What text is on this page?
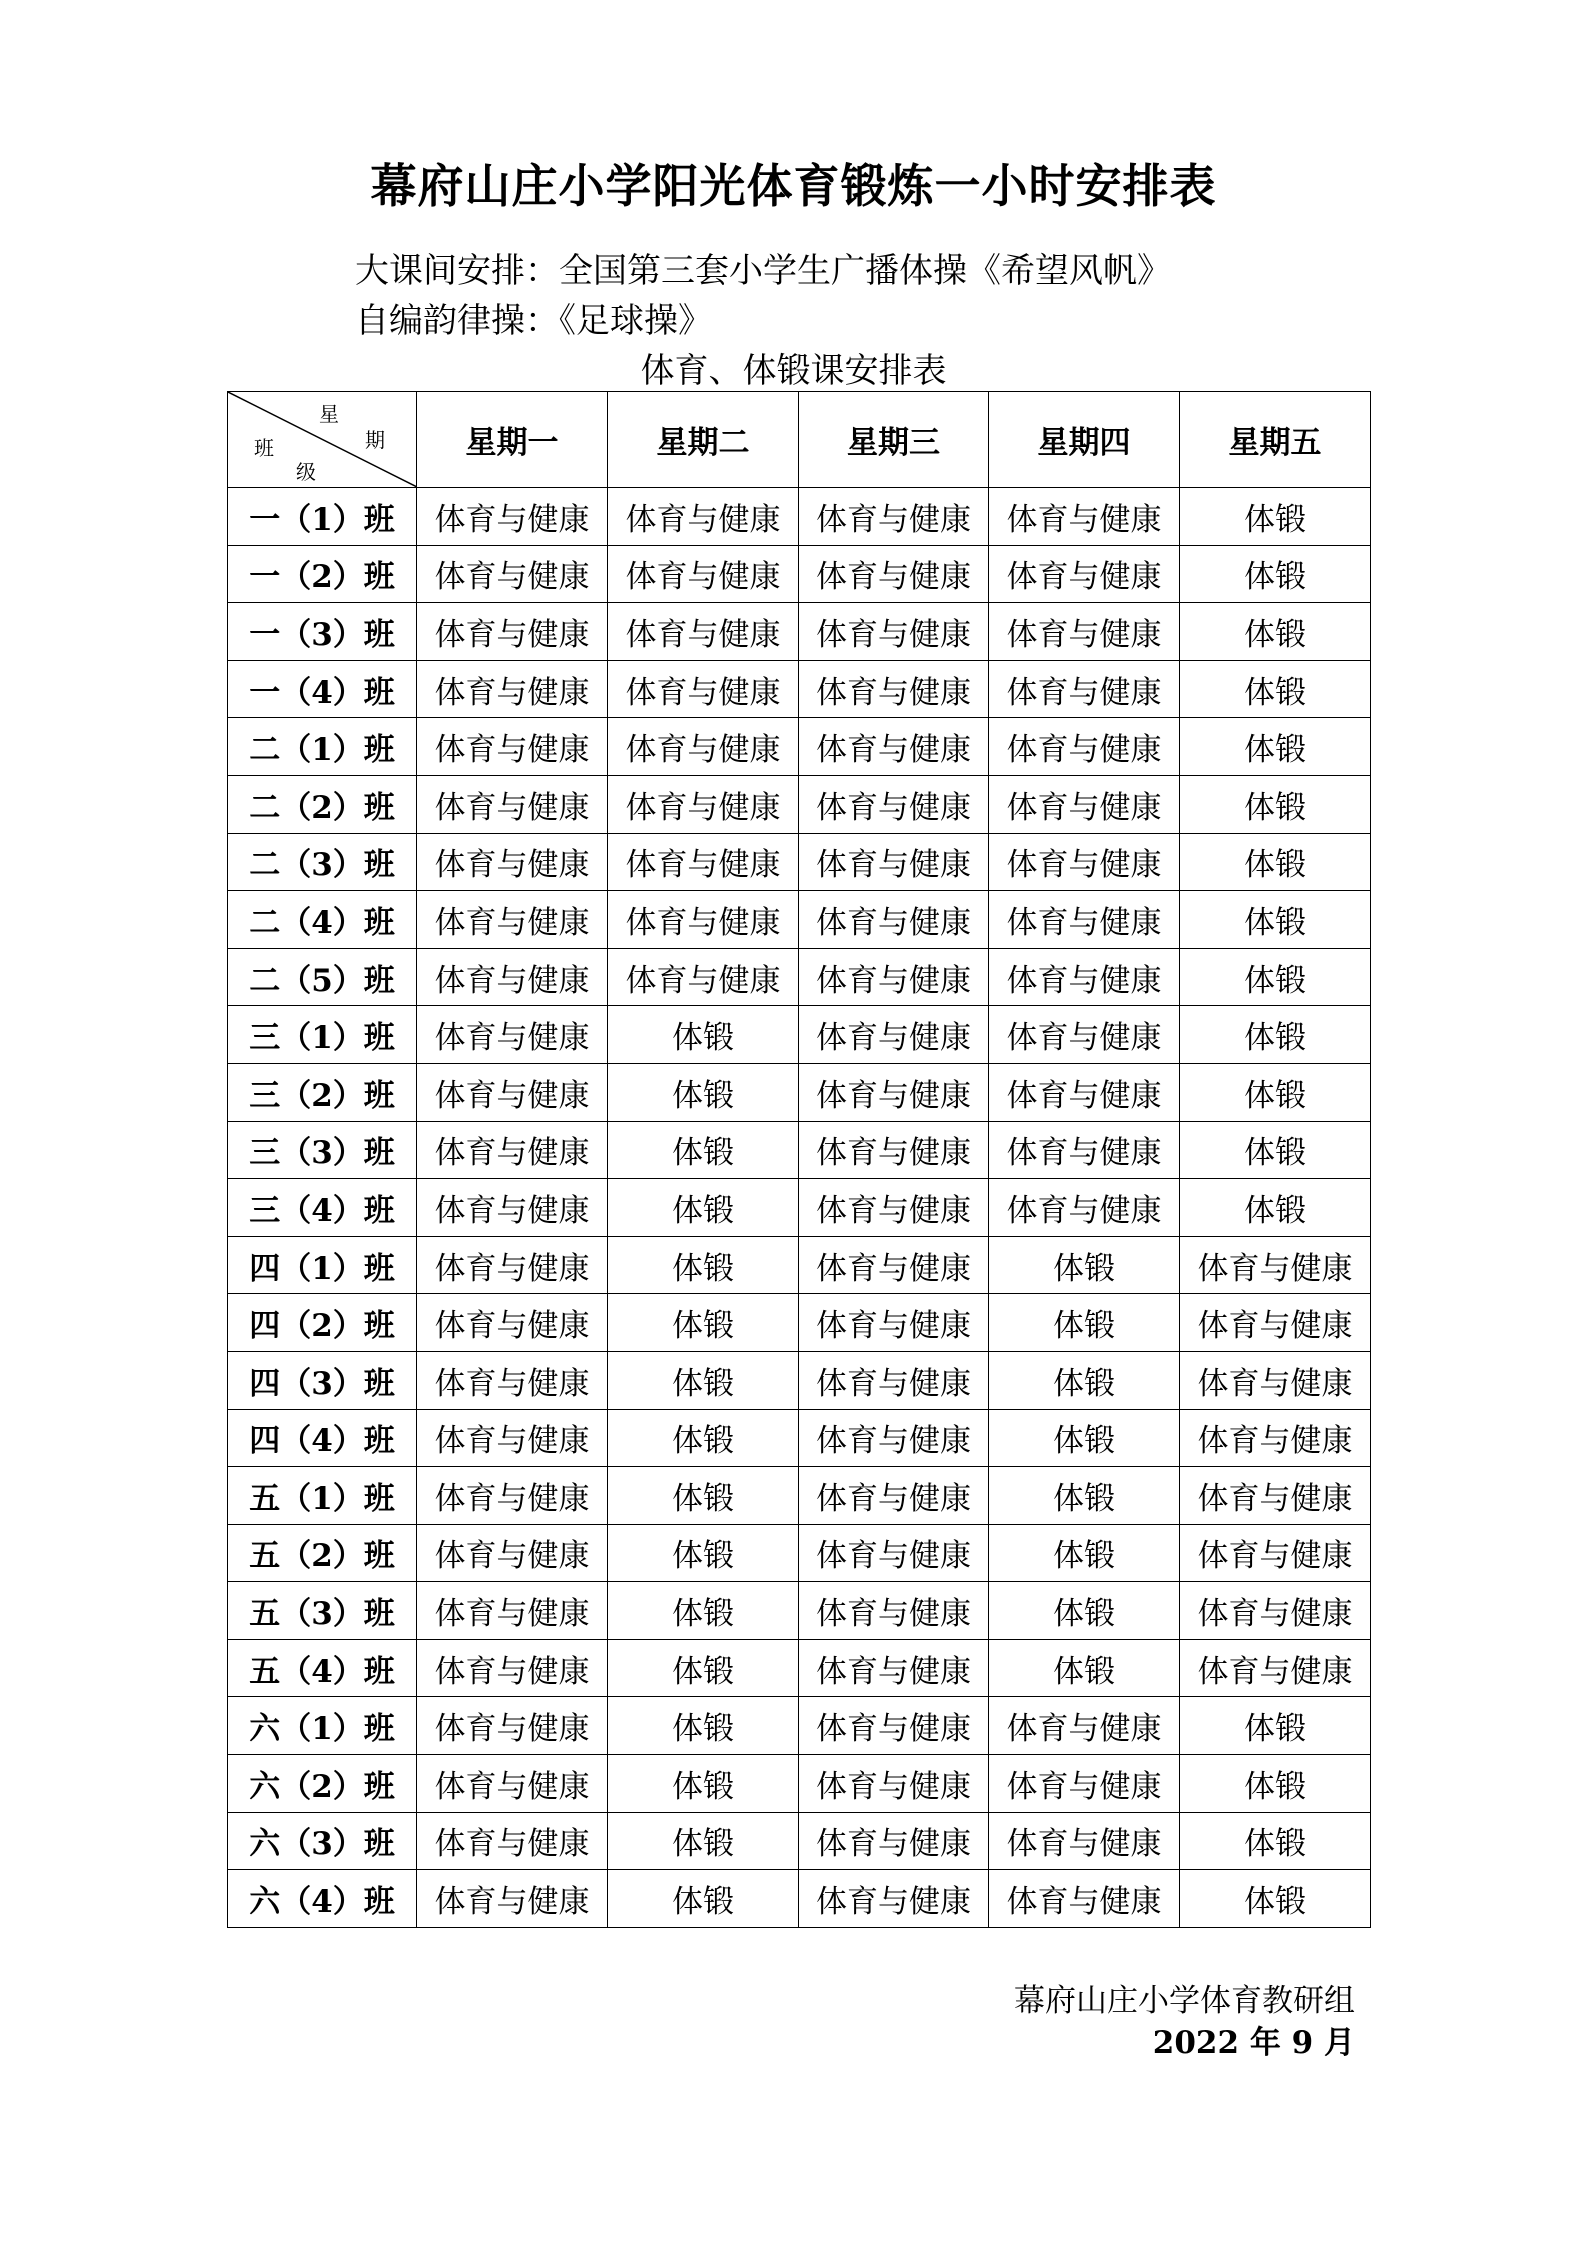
幕府山庄小学阳光体育锻炼一小时安排表
大课间安排：全国第三套小学生广播体操《希望风帆》
自编韵律操：《足球操》
体育、体锻课安排表
星
期
班
级	星期一	星期二	星期三	星期四	星期五
一（1）班	体育与健康	体育与健康	体育与健康	体育与健康	体锻
一（2）班	体育与健康	体育与健康	体育与健康	体育与健康	体锻
一（3）班	体育与健康	体育与健康	体育与健康	体育与健康	体锻
一（4）班	体育与健康	体育与健康	体育与健康	体育与健康	体锻
二（1）班	体育与健康	体育与健康	体育与健康	体育与健康	体锻
二（2）班	体育与健康	体育与健康	体育与健康	体育与健康	体锻
二（3）班	体育与健康	体育与健康	体育与健康	体育与健康	体锻
二（4）班	体育与健康	体育与健康	体育与健康	体育与健康	体锻
二（5）班	体育与健康	体育与健康	体育与健康	体育与健康	体锻
三（1）班	体育与健康	体锻	体育与健康	体育与健康	体锻
三（2）班	体育与健康	体锻	体育与健康	体育与健康	体锻
三（3）班	体育与健康	体锻	体育与健康	体育与健康	体锻
三（4）班	体育与健康	体锻	体育与健康	体育与健康	体锻
四（1）班	体育与健康	体锻	体育与健康	体锻	体育与健康
四（2）班	体育与健康	体锻	体育与健康	体锻	体育与健康
四（3）班	体育与健康	体锻	体育与健康	体锻	体育与健康
四（4）班	体育与健康	体锻	体育与健康	体锻	体育与健康
五（1）班	体育与健康	体锻	体育与健康	体锻	体育与健康
五（2）班	体育与健康	体锻	体育与健康	体锻	体育与健康
五（3）班	体育与健康	体锻	体育与健康	体锻	体育与健康
五（4）班	体育与健康	体锻	体育与健康	体锻	体育与健康
六（1）班	体育与健康	体锻	体育与健康	体育与健康	体锻
六（2）班	体育与健康	体锻	体育与健康	体育与健康	体锻
六（3）班	体育与健康	体锻	体育与健康	体育与健康	体锻
六（4）班	体育与健康	体锻	体育与健康	体育与健康	体锻
幕府山庄小学体育教研组
2022 年 9 月
